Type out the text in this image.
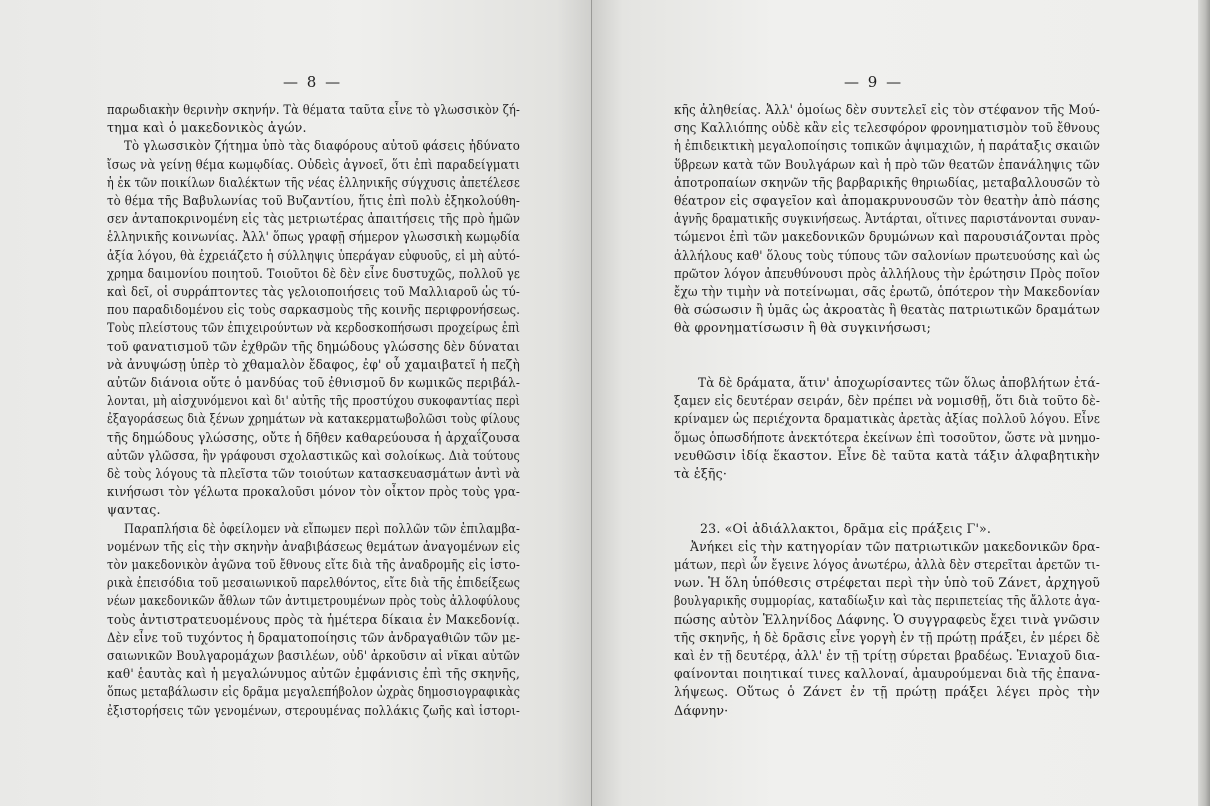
— 8 —
παρωδιακὴν θερινὴν σκηνήν. Τὰ θέματα ταῦτα εἶνε τὸ γλωσσικὸν ζή-
τημα καὶ ὁ μακεδονικὸς ἀγών.
Τὸ γλωσσικὸν ζήτημα ὑπὸ τὰς διαφόρους αὐτοῦ φάσεις ἠδύνατο
ἴσως νὰ γείνῃ θέμα κωμῳδίας. Οὐδεὶς ἀγνοεῖ, ὅτι ἐπὶ παραδείγματι
ἡ ἐκ τῶν ποικίλων διαλέκτων τῆς νέας ἑλληνικῆς σύγχυσις ἀπετέλεσε
τὸ θέμα τῆς Βαβυλωνίας τοῦ Βυζαντίου, ἥτις ἐπὶ πολὺ ἐξηκολούθη-
σεν ἀνταποκρινομένη εἰς τὰς μετριωτέρας ἀπαιτήσεις τῆς πρὸ ἡμῶν
ἑλληνικῆς κοινωνίας. Ἀλλ' ὅπως γραφῇ σήμερον γλωσσικὴ κωμῳδία
ἀξία λόγου, θὰ ἐχρειάζετο ἡ σύλληψις ὑπεράγαν εὐφυοῦς, εἰ μὴ αὐτό-
χρημα δαιμονίου ποιητοῦ. Τοιοῦτοι δὲ δὲν εἶνε δυστυχῶς, πολλοῦ γε
καὶ δεῖ, οἱ συρράπτοντες τὰς γελοιοποιήσεις τοῦ Μαλλιαροῦ ὡς τύ-
που παραδιδομένου εἰς τοὺς σαρκασμοὺς τῆς κοινῆς περιφρονήσεως.
Τοὺς πλείστους τῶν ἐπιχειρούντων νὰ κερδοσκοπήσωσι προχείρως ἐπὶ
τοῦ φανατισμοῦ τῶν ἐχθρῶν τῆς δημώδους γλώσσης δὲν δύναται
νὰ ἀνυψώσῃ ὑπὲρ τὸ χθαμαλὸν ἔδαφος, ἐφ' οὗ χαμαιβατεῖ ἡ πεζὴ
αὐτῶν διάνοια οὔτε ὁ μανδύας τοῦ ἐθνισμοῦ δν κωμικῶς περιβάλ-
λονται, μὴ αἰσχυνόμενοι καὶ δι' αὐτῆς τῆς προστύχου συκοφαντίας περὶ
ἐξαγοράσεως διὰ ξένων χρημάτων νὰ κατακερματωβολῶσι τοὺς φίλους
τῆς δημώδους γλώσσης, οὔτε ἡ δῆθεν καθαρεύουσα ἡ ἀρχαΐζουσα
αὐτῶν γλῶσσα, ἣν γράφουσι σχολαστικῶς καὶ σολοίκως. Διὰ τούτους
δὲ τοὺς λόγους τὰ πλεῖστα τῶν τοιούτων κατασκευασμάτων ἀντὶ νὰ
κινήσωσι τὸν γέλωτα προκαλοῦσι μόνον τὸν οἶκτον πρὸς τοὺς γρα-
ψαντας.
Παραπλήσια δὲ ὀφείλομεν νὰ εἴπωμεν περὶ πολλῶν τῶν ἐπιλαμβα-
νομένων τῆς εἰς τὴν σκηνὴν ἀναβιβάσεως θεμάτων ἀναγομένων εἰς
τὸν μακεδονικὸν ἀγῶνα τοῦ ἔθνους εἴτε διὰ τῆς ἀναδρομῆς εἰς ἱστο-
ρικὰ ἐπεισόδια τοῦ μεσαιωνικοῦ παρελθόντος, εἴτε διὰ τῆς ἐπιδείξεως
νέων μακεδονικῶν ἄθλων τῶν ἀντιμετρουμένων πρὸς τοὺς ἀλλοφύλους
τοὺς ἀντιστρατευομένους πρὸς τὰ ἡμέτερα δίκαια ἐν Μακεδονίᾳ.
Δὲν εἶνε τοῦ τυχόντος ἡ δραματοποίησις τῶν ἀνδραγαθιῶν τῶν με-
σαιωνικῶν Βουλγαρομάχων βασιλέων, οὐδ' ἀρκοῦσιν αἱ νῖκαι αὐτῶν
καθ' ἑαυτὰς καὶ ἡ μεγαλώνυμος αὐτῶν ἐμφάνισις ἐπὶ τῆς σκηνῆς,
ὅπως μεταβάλωσιν εἰς δρᾶμα μεγαλεπήβολον ὠχρὰς δημοσιογραφικὰς
ἐξιστορήσεις τῶν γενομένων, στερουμένας πολλάκις ζωῆς καὶ ἱστορι-
— 9 —
κῆς ἀληθείας. Ἀλλ' ὁμοίως δὲν συντελεῖ εἰς τὸν στέφανον τῆς Μού-
σης Καλλιόπης οὐδὲ κἂν εἰς τελεσφόρον φρονηματισμὸν τοῦ ἔθνους
ἡ ἐπιδεικτικὴ μεγαλοποίησις τοπικῶν ἀψιμαχιῶν, ἡ παράταξις σκαιῶν
ὕβρεων κατὰ τῶν Βουλγάρων καὶ ἡ πρὸ τῶν θεατῶν ἐπανάληψις τῶν
ἀποτροπαίων σκηνῶν τῆς βαρβαρικῆς θηριωδίας, μεταβαλλουσῶν τὸ
θέατρον εἰς σφαγεῖον καὶ ἀπομακρυνουσῶν τὸν θεατὴν ἀπὸ πάσης
ἁγνῆς δραματικῆς συγκινήσεως. Ἀντάρται, οἵτινες παριστάνονται συναν-
τώμενοι ἐπὶ τῶν μακεδονικῶν δρυμώνων καὶ παρουσιάζονται πρὸς
ἀλλήλους καθ' ὅλους τοὺς τύπους τῶν σαλονίων πρωτευούσης καὶ ὡς
πρῶτον λόγον ἀπευθύνουσι πρὸς ἀλλήλους τὴν ἐρώτησιν Πρὸς ποῖον
ἔχω τὴν τιμὴν νὰ ποτείνωμαι, σᾶς ἐρωτῶ, ὁπότερον τὴν Μακεδονίαν
θὰ σώσωσιν ἢ ὑμᾶς ὡς ἀκροατὰς ἢ θεατὰς πατριωτικῶν δραμάτων
θὰ φρονηματίσωσιν ἢ θὰ συγκινήσωσι;
Τὰ δὲ δράματα, ἅτιν' ἀποχωρίσαντες τῶν ὅλως ἀποβλήτων ἐτά-
ξαμεν εἰς δευτέραν σειράν, δὲν πρέπει νὰ νομισθῇ, ὅτι διὰ τοῦτο δὲ-
κρίναμεν ὡς περιέχοντα δραματικὰς ἀρετὰς ἀξίας πολλοῦ λόγου. Εἶνε
ὅμως ὁπωσδήποτε ἀνεκτότερα ἐκείνων ἐπὶ τοσοῦτον, ὥστε νὰ μνημο-
νευθῶσιν ἰδίᾳ ἕκαστον. Εἶνε δὲ ταῦτα κατὰ τάξιν ἀλφαβητικὴν
τὰ ἑξῆς·
23. «Οἱ ἀδιάλλακτοι, δρᾶμα εἰς πράξεις Γ'».
Ἀνήκει εἰς τὴν κατηγορίαν τῶν πατριωτικῶν μακεδονικῶν δρα-
μάτων, περὶ ὧν ἔγεινε λόγος ἀνωτέρω, ἀλλὰ δὲν στερεῖται ἀρετῶν τι-
νων. Ἡ ὅλη ὑπόθεσις στρέφεται περὶ τὴν ὑπὸ τοῦ Ζάνετ, ἀρχηγοῦ
βουλγαρικῆς συμμορίας, καταδίωξιν καὶ τὰς περιπετείας τῆς ἄλλοτε ἀγα-
πώσης αὐτὸν Ἑλληνίδος Δάφνης. Ὁ συγγραφεὺς ἔχει τινὰ γνῶσιν
τῆς σκηνῆς, ἡ δὲ δρᾶσις εἶνε γοργὴ ἐν τῇ πρώτῃ πράξει, ἐν μέρει δὲ
καὶ ἐν τῇ δευτέρᾳ, ἀλλ' ἐν τῇ τρίτῃ σύρεται βραδέως. Ἐνιαχοῦ δια-
φαίνονται ποιητικαί τινες καλλοναί, ἀμαυρούμεναι διὰ τῆς ἐπανα-
λήψεως. Οὕτως ὁ Ζάνετ ἐν τῇ πρώτῃ πράξει λέγει πρὸς τὴν
Δάφνην·
